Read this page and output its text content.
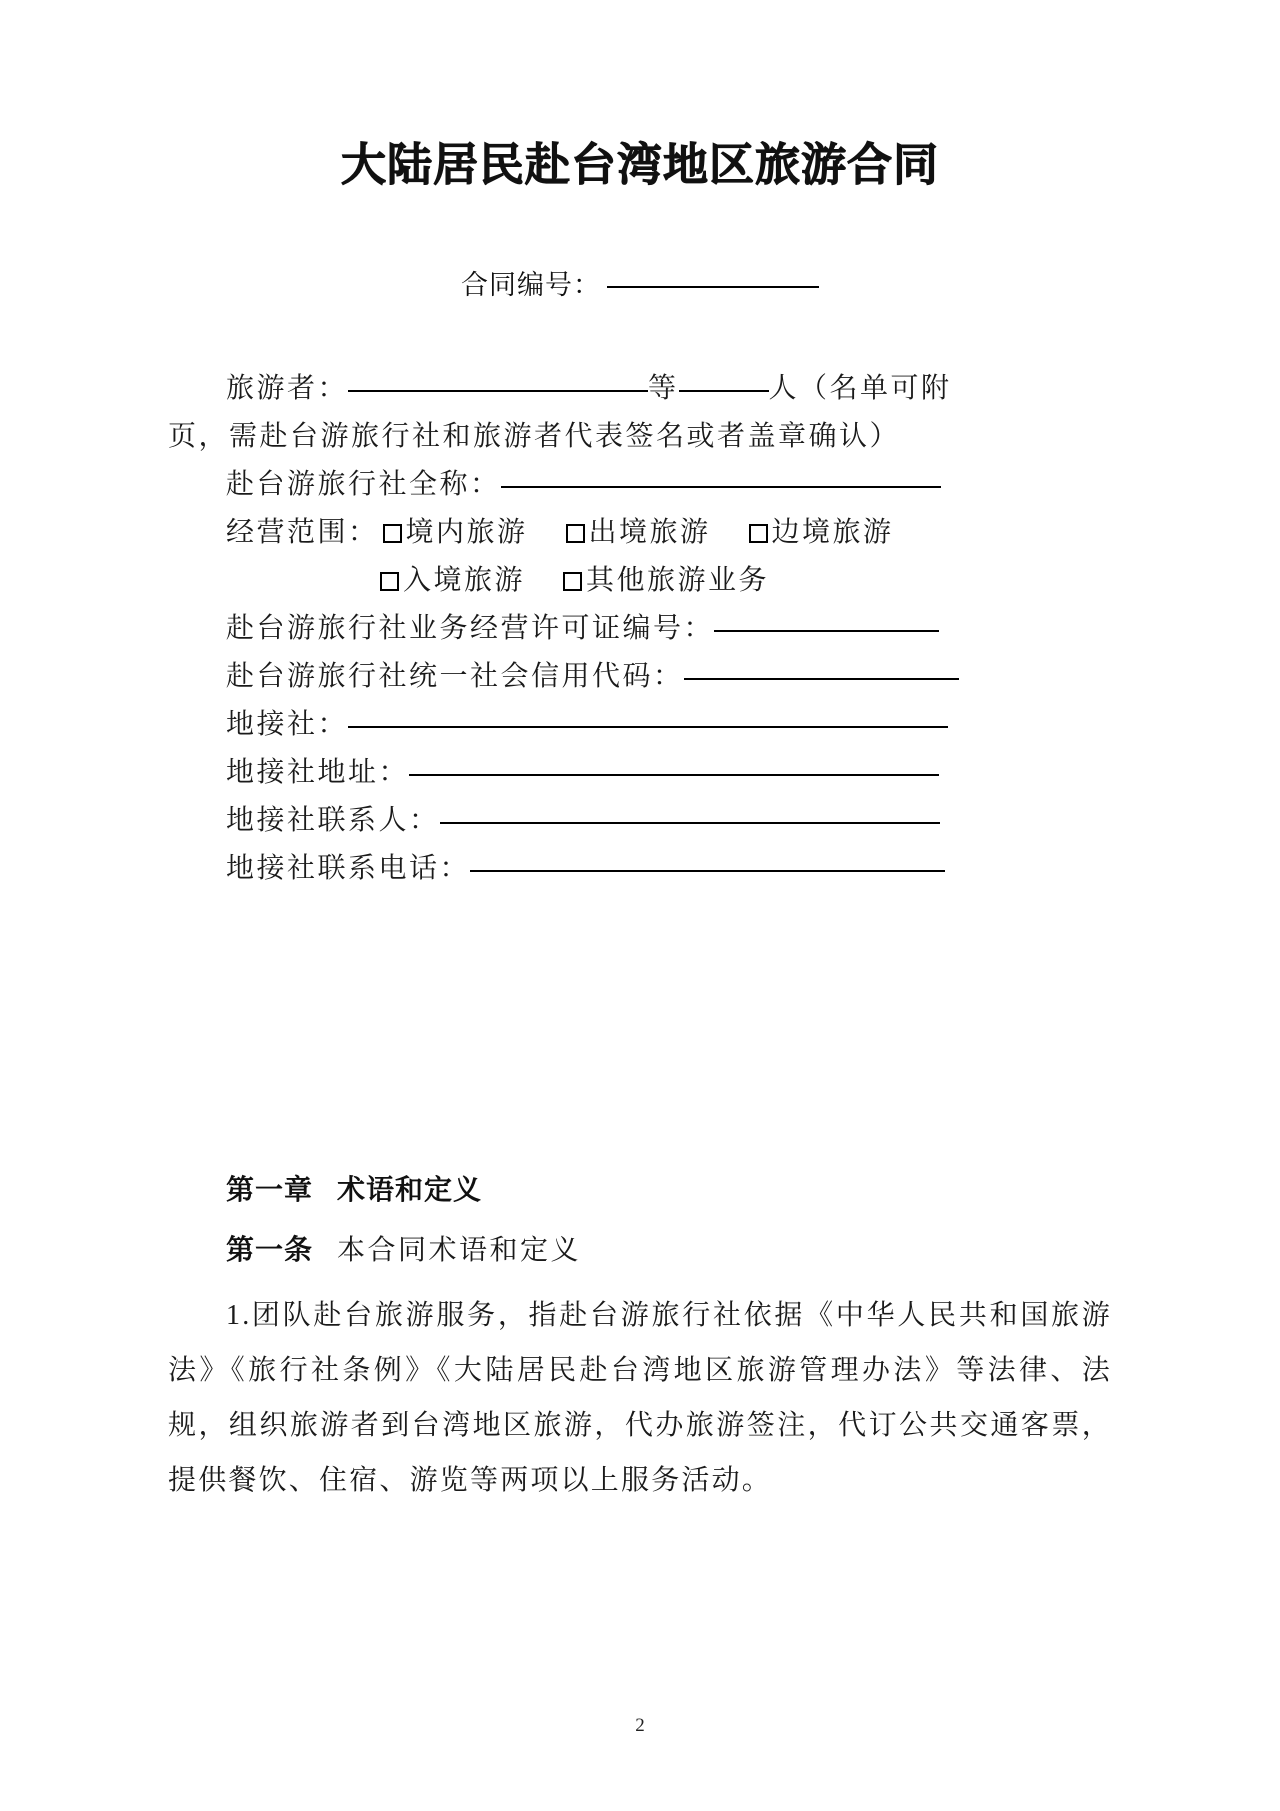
大陆居民赴台湾地区旅游合同
合同编号：
旅游者：	等	人（名单可附
页，需赴台游旅行社和旅游者代表签名或者盖章确认）
赴台游旅行社全称：
经营范围： 境内旅游 出境旅游 边境旅游
入境旅游 其他旅游业务
赴台游旅行社业务经营许可证编号：
赴台游旅行社统一社会信用代码：
地接社：
地接社地址：
地接社联系人：
地接社联系电话：
第一章 术语和定义
第一条 本合同术语和定义
1.团队赴台旅游服务，指赴台游旅行社依据《中华人民共和国旅游法》《旅行社条例》《大陆居民赴台湾地区旅游管理办法》等法律、法规，组织旅游者到台湾地区旅游，代办旅游签注，代订公共交通客票，提供餐饮、住宿、游览等两项以上服务活动。
2
